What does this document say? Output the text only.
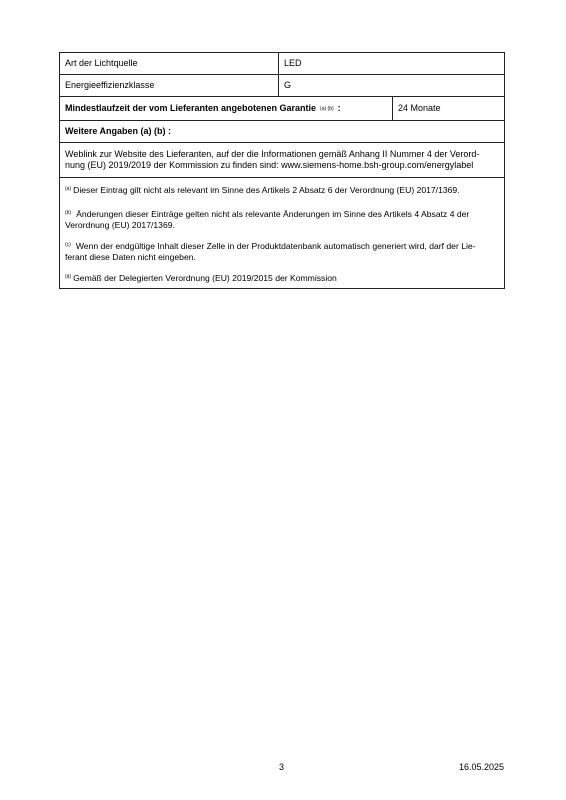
Art der Lichtquelle	LED
Energieeffizienzklasse	G
Mindestlaufzeit der vom Lieferanten angebotenen Garantie (a) (b) :	24 Monate
Weitere Angaben (a) (b) :
Weblink zur Website des Lieferanten, auf der die Informationen gemäß Anhang II Nummer 4 der Verord-
nung (EU) 2019/2019 der Kommission zu finden sind: www.siemens-home.bsh-group.com/energylabel
$^{(a)}$ Dieser Eintrag gilt nicht als relevant im Sinne des Artikels 2 Absatz 6 der Verordnung (EU) 2017/1369.
$^{(b)}$ Änderungen dieser Einträge gelten nicht als relevante Änderungen im Sinne des Artikels 4 Absatz 4 der
Verordnung (EU) 2017/1369.
$^{(c)}$ Wenn der endgültige Inhalt dieser Zelle in der Produktdatenbank automatisch generiert wird, darf der Lie-
ferant diese Daten nicht eingeben.
$^{(d)}$ Gemäß der Delegierten Verordnung (EU) 2019/2015 der Kommission
3	16.05.2025
